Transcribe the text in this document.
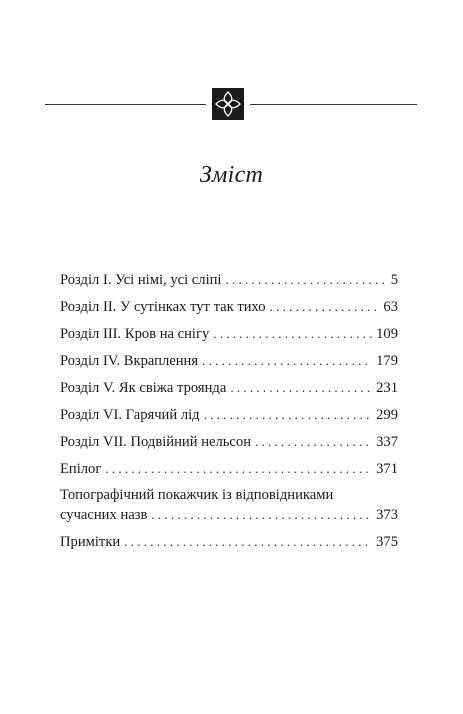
Зміст
Розділ І. Усі німі, усі сліпі . . .	5
Розділ ІІ. У сутінках тут так тихо . . .	63
Розділ ІІІ. Кров на снігу . . .	109
Розділ IV. Вкраплення . . .	179
Розділ V. Як свіжа троянда . . .	231
Розділ VI. Гарячий лід . . .	299
Розділ VII. Подвійний нельсон . . .	337
Епілог . . .	371
Топографічний покажчик із відповідниками
сучасних назв . . .	373
Примітки . . .	375
